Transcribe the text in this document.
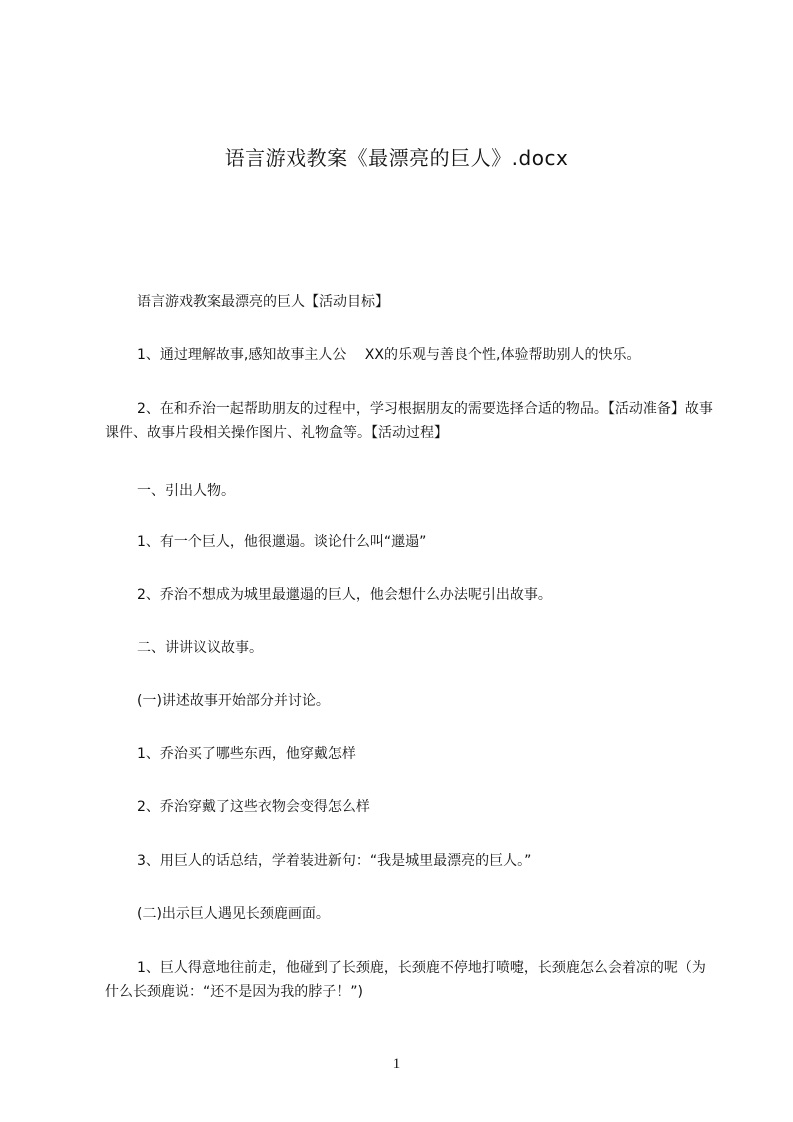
语言游戏教案《最漂亮的巨人》.docx
语言游戏教案最漂亮的巨人【活动目标】
1、通过理解故事,感知故事主人公　 XX的乐观与善良个性,体验帮助别人的快乐。
2、在和乔治一起帮助朋友的过程中，学习根据朋友的需要选择合适的物品。【活动准备】故事课件、故事片段相关操作图片、礼物盒等。【活动过程】
一、引出人物。
1、有一个巨人，他很邋遢。谈论什么叫“邋遢”
2、乔治不想成为城里最邋遢的巨人，他会想什么办法呢引出故事。
二、讲讲议议故事。
(一)讲述故事开始部分并讨论。
1、乔治买了哪些东西，他穿戴怎样
2、乔治穿戴了这些衣物会变得怎么样
3、用巨人的话总结，学着装进新句：“我是城里最漂亮的巨人。”
(二)出示巨人遇见长颈鹿画面。
1、巨人得意地往前走，他碰到了长颈鹿，长颈鹿不停地打喷嚏，长颈鹿怎么会着凉的呢（为什么长颈鹿说：“还不是因为我的脖子！”)
1
